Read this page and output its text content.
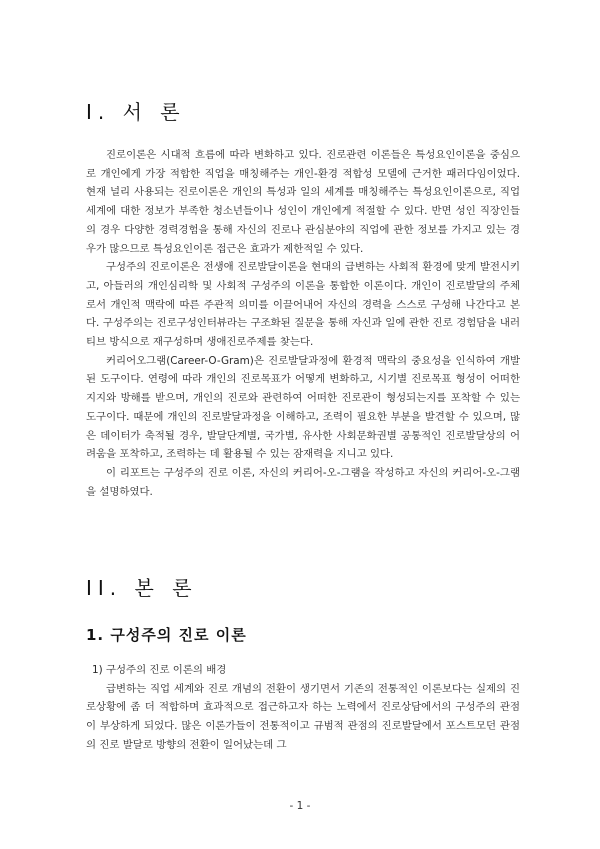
I. 서 론

진로이론은 시대적 흐름에 따라 변화하고 있다. 진로관련 이론들은 특성요인이론을 중심으로 개인에게 가장 적합한 직업을 매칭해주는 개인-환경 적합성 모델에 근거한 패러다임이었다. 현재 널리 사용되는 진로이론은 개인의 특성과 일의 세계를 매칭해주는 특성요인이론으로, 직업세계에 대한 정보가 부족한 청소년들이나 성인이 개인에게 적절할 수 있다. 반면 성인 직장인들의 경우 다양한 경력경험을 통해 자신의 진로나 관심분야의 직업에 관한 정보를 가지고 있는 경우가 많으므로 특성요인이론 접근은 효과가 제한적일 수 있다.

구성주의 진로이론은 전생애 진로발달이론을 현대의 급변하는 사회적 환경에 맞게 발전시키고, 아들러의 개인심리학 및 사회적 구성주의 이론을 통합한 이론이다. 개인이 진로발달의 주체로서 개인적 맥락에 따른 주관적 의미를 이끌어내어 자신의 경력을 스스로 구성해 나간다고 본다. 구성주의는 진로구성인터뷰라는 구조화된 질문을 통해 자신과 일에 관한 진로 경험담을 내러티브 방식으로 재구성하며 생애진로주제를 찾는다.

커리어오그램(Career-O-Gram)은 진로발달과정에 환경적 맥락의 중요성을 인식하여 개발된 도구이다. 연령에 따라 개인의 진로목표가 어떻게 변화하고, 시기별 진로목표 형성이 어떠한 지지와 방해를 받으며, 개인의 진로와 관련하여 어떠한 진로관이 형성되는지를 포착할 수 있는 도구이다. 때문에 개인의 진로발달과정을 이해하고, 조력이 필요한 부분을 발견할 수 있으며, 많은 데이터가 축적될 경우, 발달단계별, 국가별, 유사한 사회문화권별 공통적인 진로발달상의 어려움을 포착하고, 조력하는 데 활용될 수 있는 잠재력을 지니고 있다.

이 리포트는 구성주의 진로 이론, 자신의 커리어-오-그램을 작성하고 자신의 커리어-오-그램을 설명하였다.

II. 본 론
1. 구성주의 진로 이론

1) 구성주의 진로 이론의 배경

급변하는 직업 세계와 진로 개념의 전환이 생기면서 기존의 전통적인 이론보다는 실제의 진로상황에 좀 더 적합하며 효과적으로 접근하고자 하는 노력에서 진로상담에서의 구성주의 관점이 부상하게 되었다. 많은 이론가들이 전통적이고 규범적 관점의 진로발달에서 포스트모던 관점의 진로 발달로 방향의 전환이 일어났는데 그

- 1 -
